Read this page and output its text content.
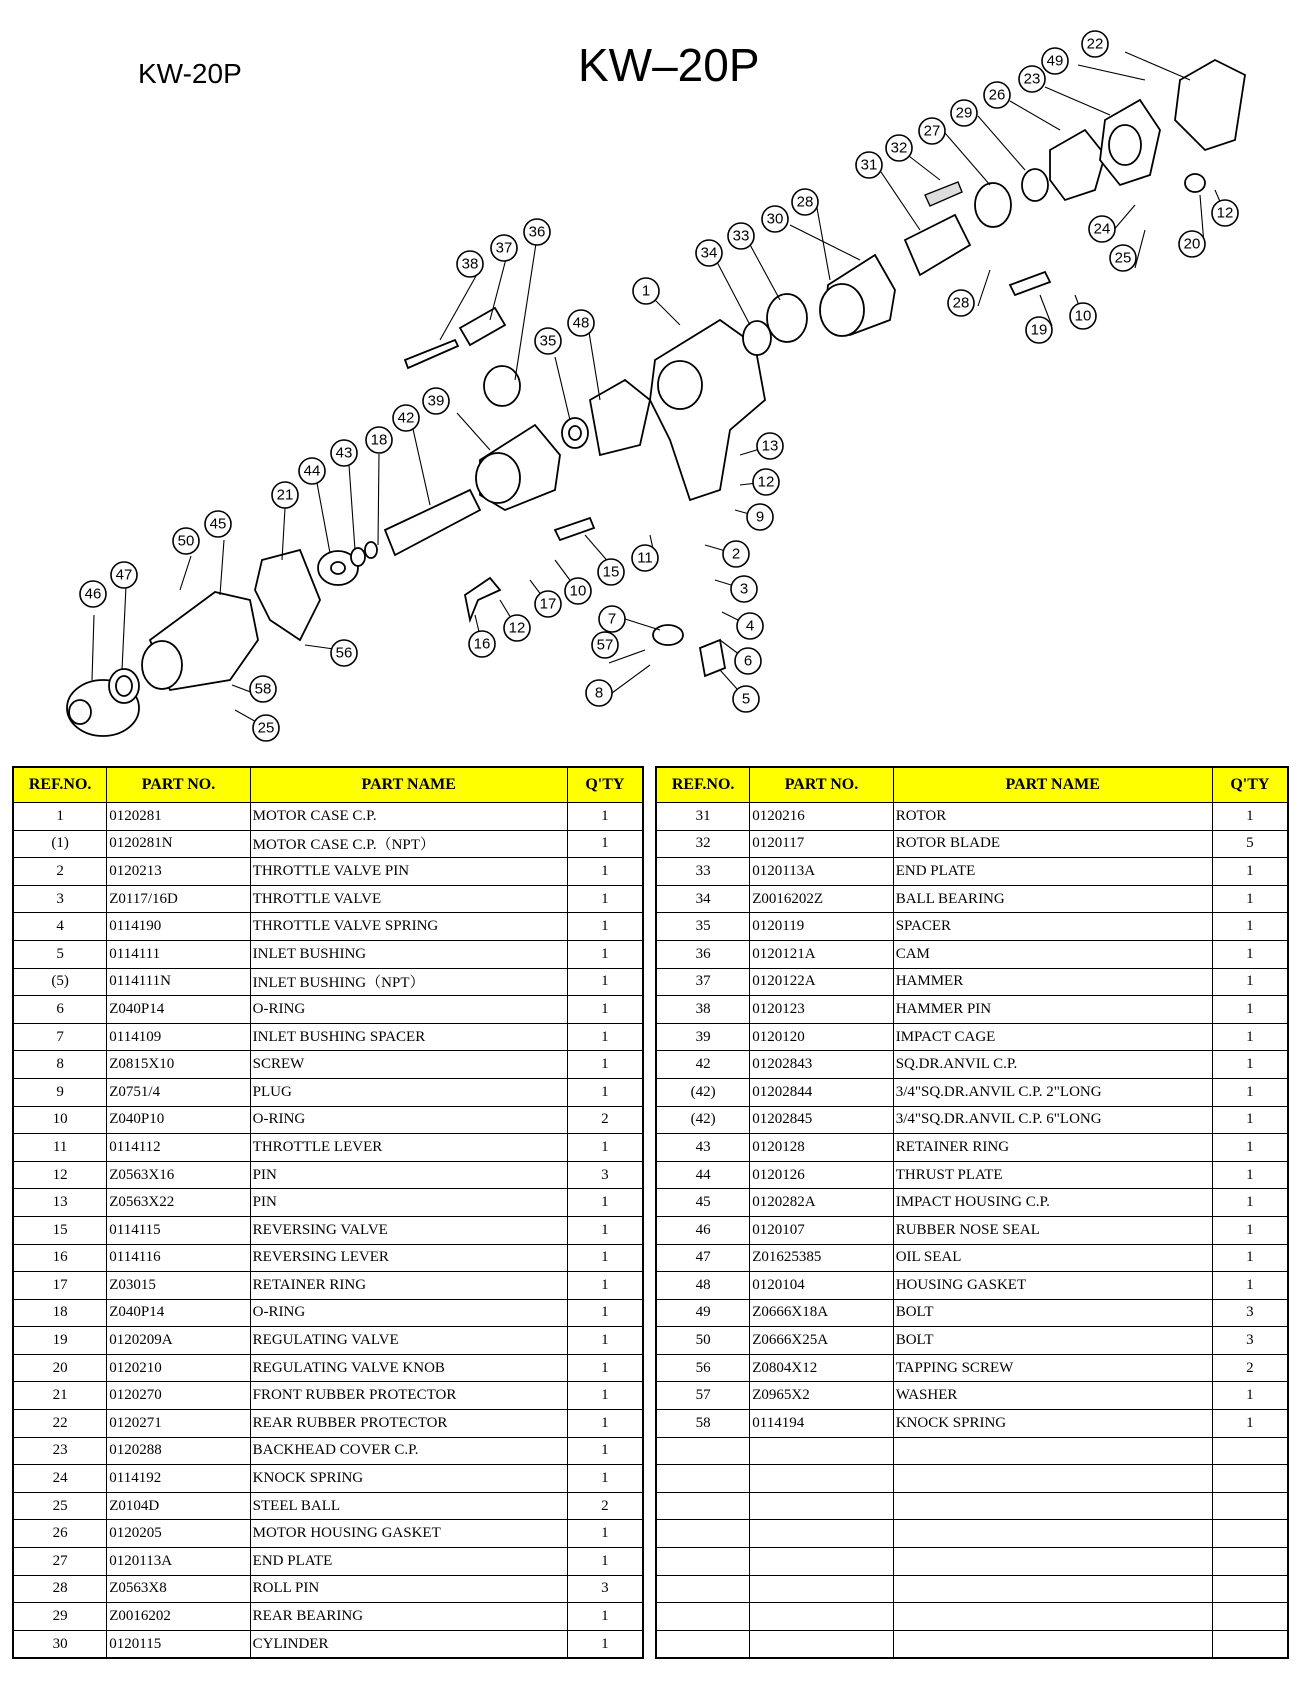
KW-20P	KW‒20P
1
2
3
4
5
6
7
8
9
10
10
11
12
12
12
13
15
16
17
18
19
20
21
22
23
24
25
25
26
27
28
28
29
30
31
32
33
34
35
36
37
38
39
42
43
44
45
46
47
48
49
50
56	57
58
REF.NO.	PART NO.	PART NAME	Q'TY
1	0120281	MOTOR CASE C.P.	1
(1)	0120281N	MOTOR CASE C.P.（NPT）	1
2	0120213	THROTTLE VALVE PIN	1
3	Z0117/16D	THROTTLE VALVE	1
4	0114190	THROTTLE VALVE SPRING	1
5	0114111	INLET BUSHING	1
(5)	0114111N	INLET BUSHING（NPT）	1
6	Z040P14	O-RING	1
7	0114109	INLET BUSHING SPACER	1
8	Z0815X10	SCREW	1
9	Z0751/4	PLUG	1
10	Z040P10	O-RING	2
11	0114112	THROTTLE LEVER	1
12	Z0563X16	PIN	3
13	Z0563X22	PIN	1
15	0114115	REVERSING VALVE	1
16	0114116	REVERSING LEVER	1
17	Z03015	RETAINER RING	1
18	Z040P14	O-RING	1
19	0120209A	REGULATING VALVE	1
20	0120210	REGULATING VALVE KNOB	1
21	0120270	FRONT RUBBER PROTECTOR	1
22	0120271	REAR RUBBER PROTECTOR	1
23	0120288	BACKHEAD COVER C.P.	1
24	0114192	KNOCK SPRING	1
25	Z0104D	STEEL BALL	2
26	0120205	MOTOR HOUSING GASKET	1
27	0120113A	END PLATE	1
28	Z0563X8	ROLL PIN	3
29	Z0016202	REAR BEARING	1
30	0120115	CYLINDER	1
REF.NO.	PART NO.	PART NAME	Q'TY
31	0120216	ROTOR	1
32	0120117	ROTOR BLADE	5
33	0120113A	END PLATE	1
34	Z0016202Z	BALL BEARING	1
35	0120119	SPACER	1
36	0120121A	CAM	1
37	0120122A	HAMMER	1
38	0120123	HAMMER PIN	1
39	0120120	IMPACT CAGE	1
42	01202843	SQ.DR.ANVIL C.P.	1
(42)	01202844	3/4"SQ.DR.ANVIL C.P. 2"LONG	1
(42)	01202845	3/4"SQ.DR.ANVIL C.P. 6"LONG	1
43	0120128	RETAINER RING	1
44	0120126	THRUST PLATE	1
45	0120282A	IMPACT HOUSING C.P.	1
46	0120107	RUBBER NOSE SEAL	1
47	Z01625385	OIL SEAL	1
48	0120104	HOUSING GASKET	1
49	Z0666X18A	BOLT	3
50	Z0666X25A	BOLT	3
56	Z0804X12	TAPPING SCREW	2
57	Z0965X2	WASHER	1
58	0114194	KNOCK SPRING	1
